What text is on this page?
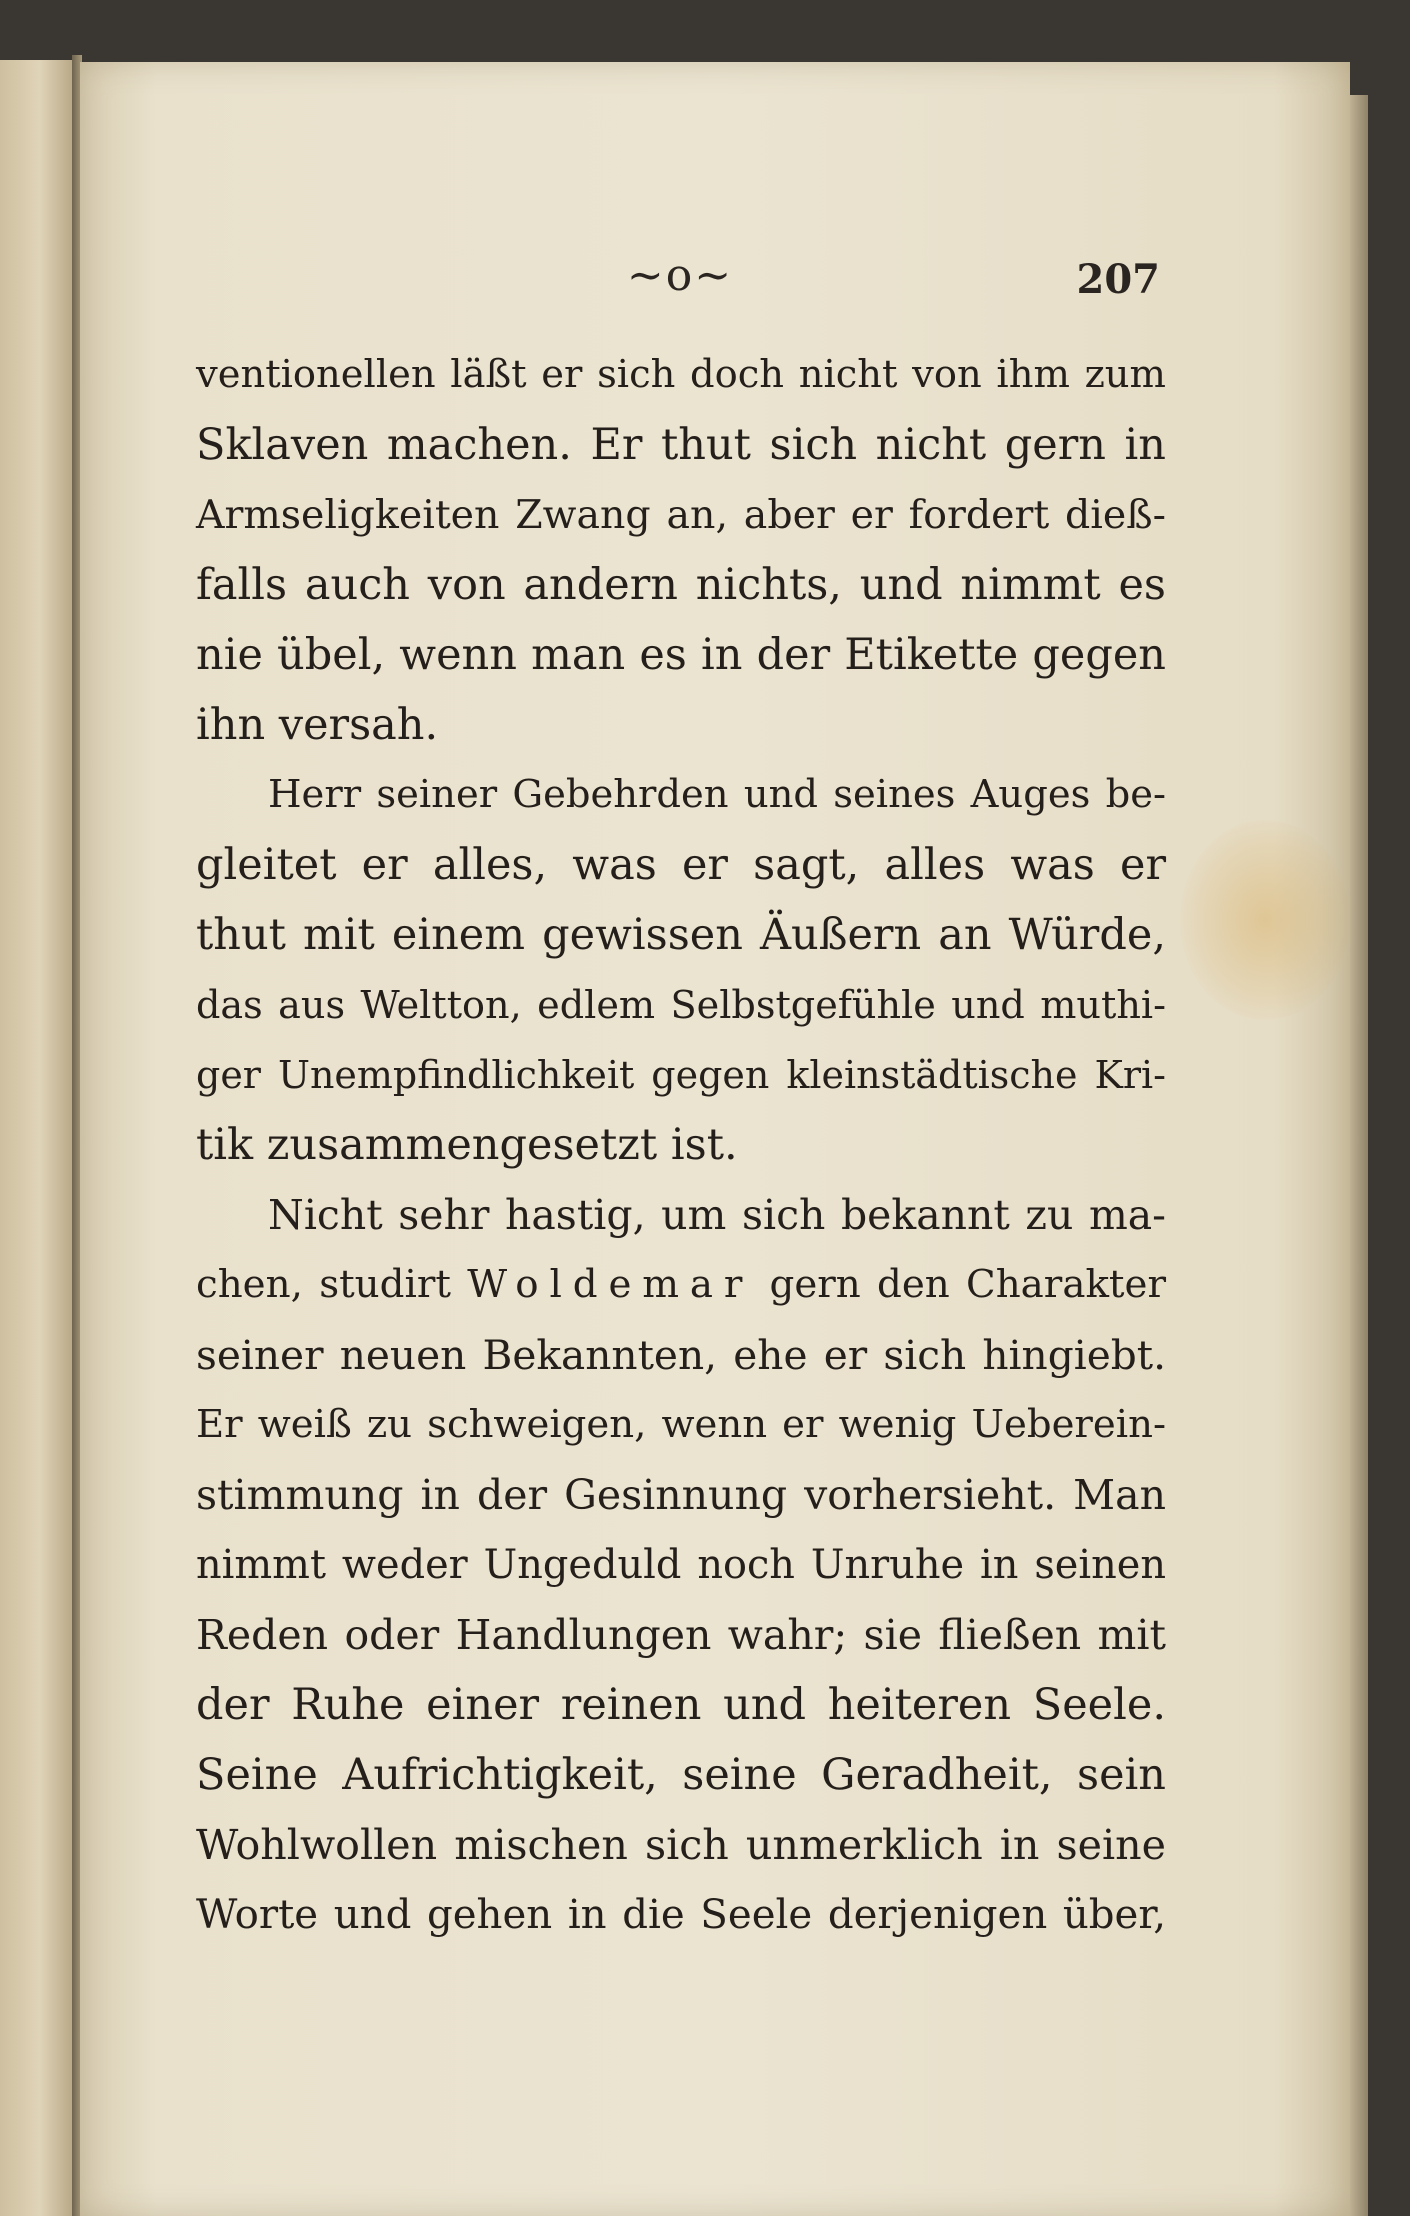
~o~	207
ventionellen läßt er sich doch nicht von ihm zum
Sklaven machen. Er thut sich nicht gern in
Armseligkeiten Zwang an, aber er fordert dieß-
falls auch von andern nichts, und nimmt es
nie übel, wenn man es in der Etikette gegen
ihn versah.
Herr seiner Gebehrden und seines Auges be-
gleitet er alles, was er sagt, alles was er
thut mit einem gewissen Äußern an Würde,
das aus Weltton, edlem Selbstgefühle und muthi-
ger Unempfindlichkeit gegen kleinstädtische Kri-
tik zusammengesetzt ist.
Nicht sehr hastig, um sich bekannt zu ma-
chen, studirt Woldemar gern den Charakter
seiner neuen Bekannten, ehe er sich hingiebt.
Er weiß zu schweigen, wenn er wenig Ueberein-
stimmung in der Gesinnung vorhersieht. Man
nimmt weder Ungeduld noch Unruhe in seinen
Reden oder Handlungen wahr; sie fließen mit
der Ruhe einer reinen und heiteren Seele.
Seine Aufrichtigkeit, seine Geradheit, sein
Wohlwollen mischen sich unmerklich in seine
Worte und gehen in die Seele derjenigen über,
